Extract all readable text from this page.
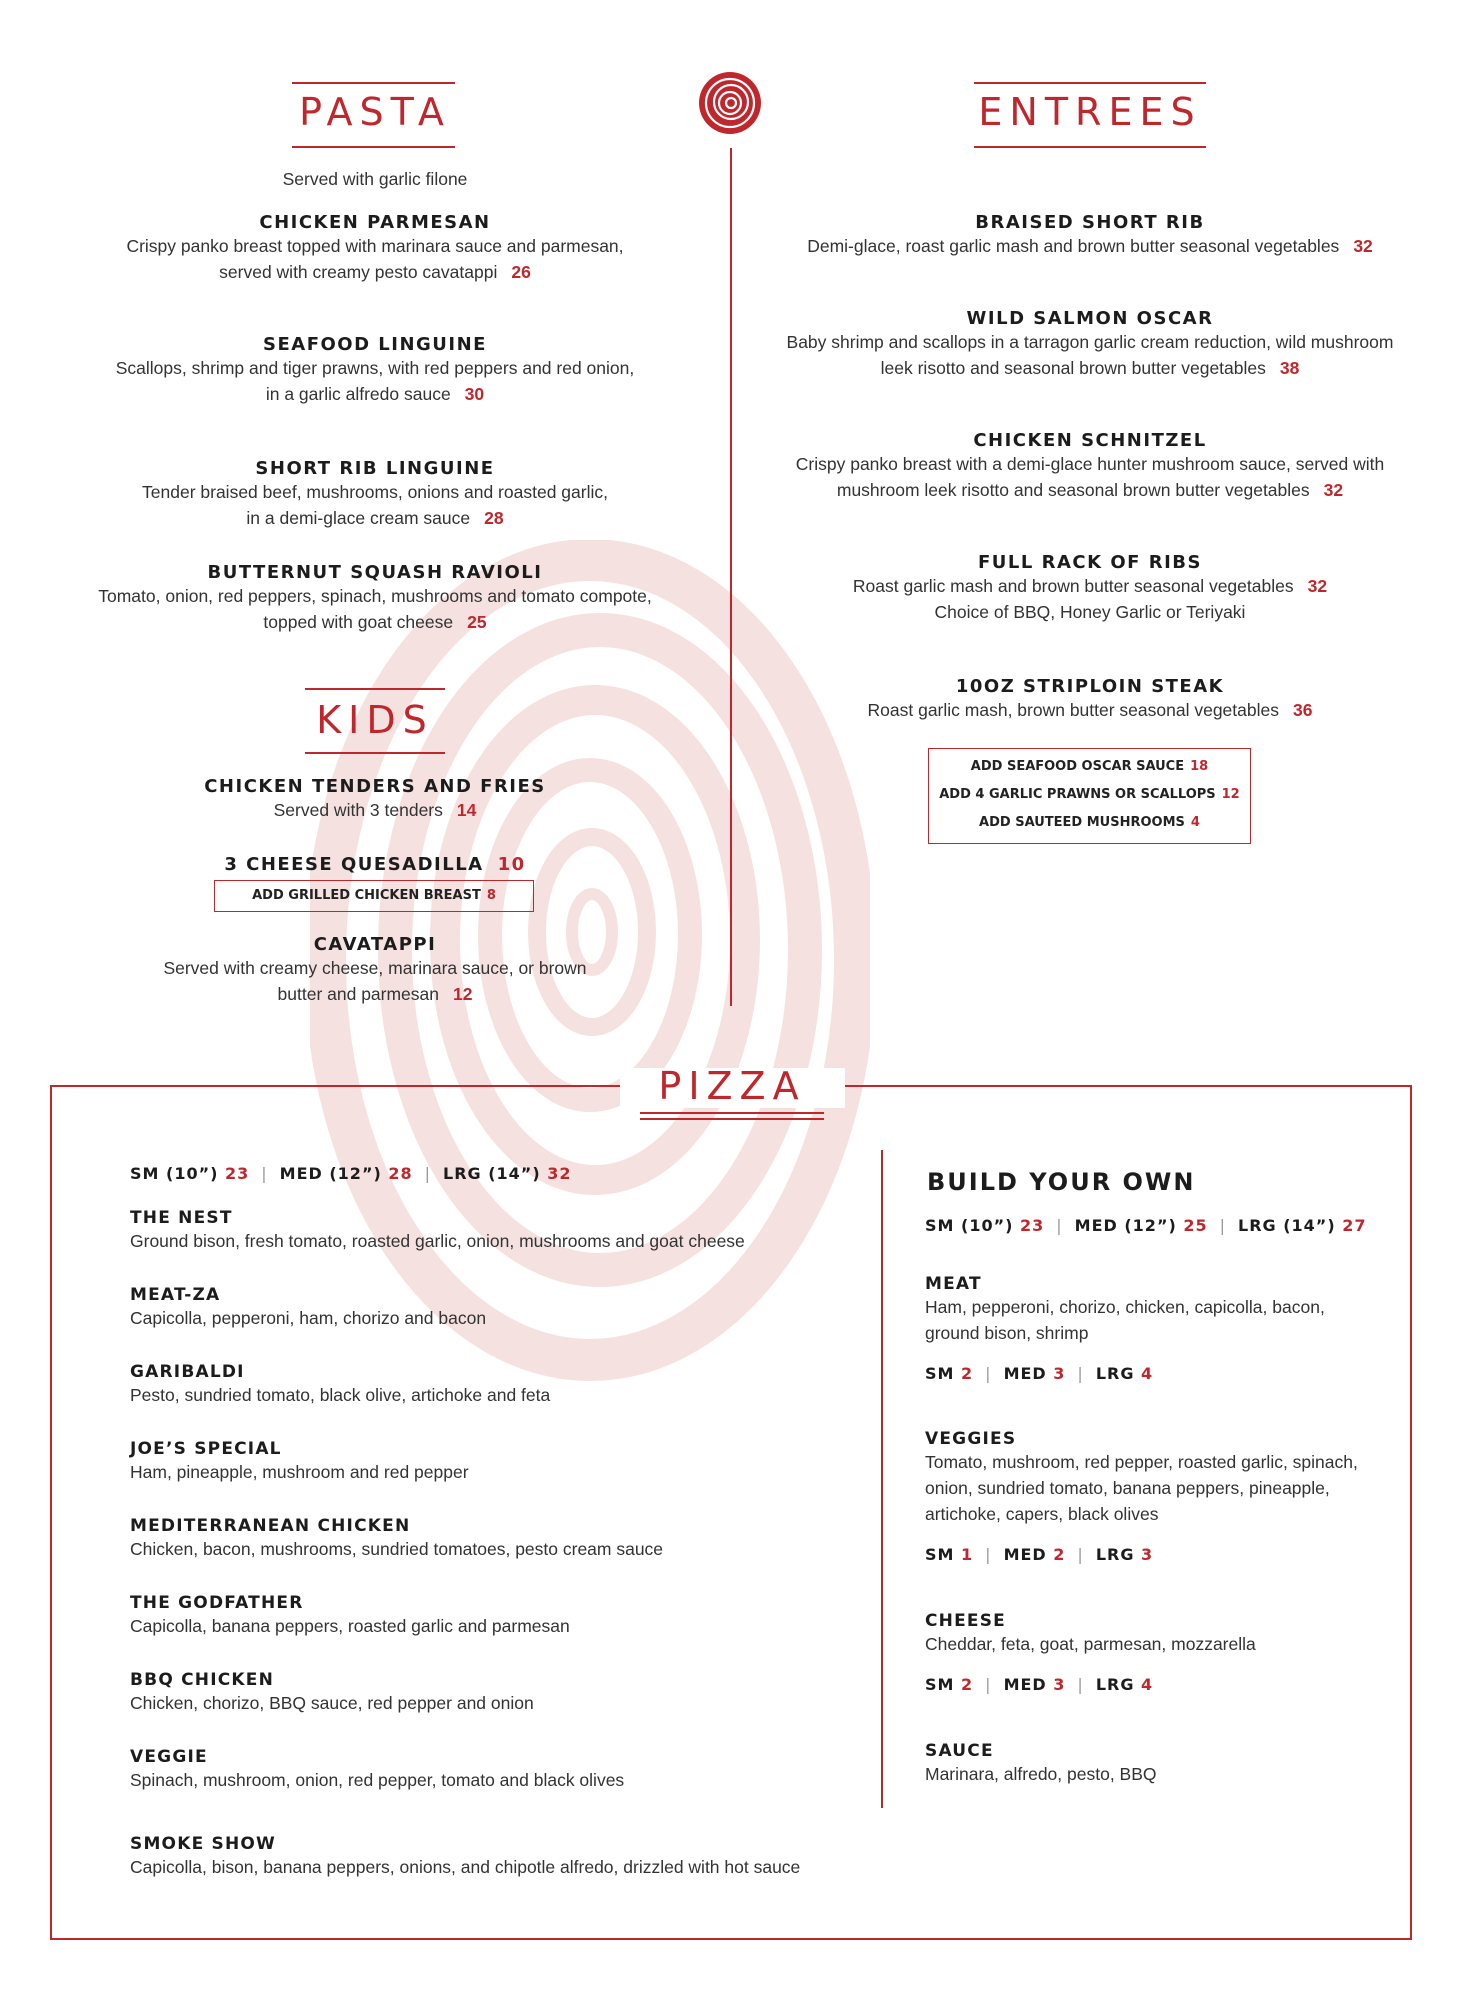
PASTA
Served with garlic filone
CHICKEN PARMESAN
Crispy panko breast topped with marinara sauce and parmesan,
served with creamy pesto cavatappi 26
SEAFOOD LINGUINE
Scallops, shrimp and tiger prawns, with red peppers and red onion,
in a garlic alfredo sauce 30
SHORT RIB LINGUINE
Tender braised beef, mushrooms, onions and roasted garlic,
in a demi-glace cream sauce 28
BUTTERNUT SQUASH RAVIOLI
Tomato, onion, red peppers, spinach, mushrooms and tomato compote,
topped with goat cheese 25
KIDS
CHICKEN TENDERS AND FRIES
Served with 3 tenders 14
3 CHEESE QUESADILLA 10
ADD GRILLED CHICKEN BREAST 8
CAVATAPPI
Served with creamy cheese, marinara sauce, or brown
butter and parmesan 12
ENTREES
BRAISED SHORT RIB
Demi-glace, roast garlic mash and brown butter seasonal vegetables 32
WILD SALMON OSCAR
Baby shrimp and scallops in a tarragon garlic cream reduction, wild mushroom
leek risotto and seasonal brown butter vegetables 38
CHICKEN SCHNITZEL
Crispy panko breast with a demi-glace hunter mushroom sauce, served with
mushroom leek risotto and seasonal brown butter vegetables 32
FULL RACK OF RIBS
Roast garlic mash and brown butter seasonal vegetables 32
Choice of BBQ, Honey Garlic or Teriyaki
10OZ STRIPLOIN STEAK
Roast garlic mash, brown butter seasonal vegetables 36
ADD SEAFOOD OSCAR SAUCE 18
ADD 4 GARLIC PRAWNS OR SCALLOPS 12
ADD SAUTEED MUSHROOMS 4
PIZZA
SM (10”) 23 | MED (12”) 28 | LRG (14”) 32
THE NEST
Ground bison, fresh tomato, roasted garlic, onion, mushrooms and goat cheese
MEAT-ZA
Capicolla, pepperoni, ham, chorizo and bacon
GARIBALDI
Pesto, sundried tomato, black olive, artichoke and feta
JOE’S SPECIAL
Ham, pineapple, mushroom and red pepper
MEDITERRANEAN CHICKEN
Chicken, bacon, mushrooms, sundried tomatoes, pesto cream sauce
THE GODFATHER
Capicolla, banana peppers, roasted garlic and parmesan
BBQ CHICKEN
Chicken, chorizo, BBQ sauce, red pepper and onion
VEGGIE
Spinach, mushroom, onion, red pepper, tomato and black olives
SMOKE SHOW
Capicolla, bison, banana peppers, onions, and chipotle alfredo, drizzled with hot sauce
BUILD YOUR OWN
SM (10”) 23 | MED (12”) 25 | LRG (14”) 27
MEAT
Ham, pepperoni, chorizo, chicken, capicolla, bacon,
ground bison, shrimp
SM 2 | MED 3 | LRG 4
VEGGIES
Tomato, mushroom, red pepper, roasted garlic, spinach,
onion, sundried tomato, banana peppers, pineapple,
artichoke, capers, black olives
SM 1 | MED 2 | LRG 3
CHEESE
Cheddar, feta, goat, parmesan, mozzarella
SM 2 | MED 3 | LRG 4
SAUCE
Marinara, alfredo, pesto, BBQ
